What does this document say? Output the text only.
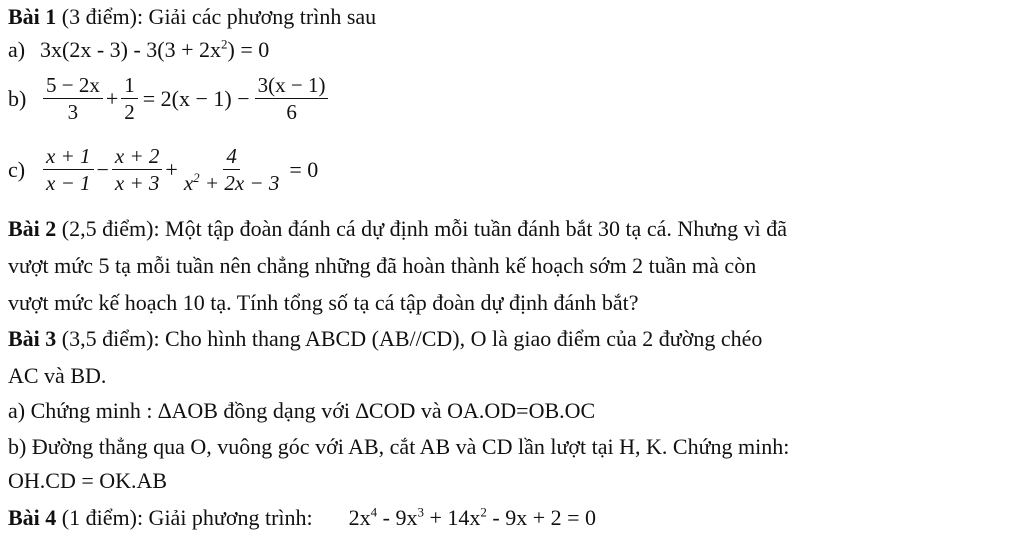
Bài 1 (3 điểm): Giải các phương trình sau
a) $3x(2x - 3) - 3(3 + 2x^2) = 0$
$b) \frac{5 - 2x}{3} + \frac{1}{2} = 2(x - 1) - \frac{3(x - 1)}{6}$
$c) \frac{x + 1}{x - 1} - \frac{x + 2}{x + 3} + \frac{4}{x^2 + 2x - 3} = 0$
Bài 2 (2,5 điểm): Một tập đoàn đánh cá dự định mỗi tuần đánh bắt 30 tạ cá. Nhưng vì đã
vượt mức 5 tạ mỗi tuần nên chẳng những đã hoàn thành kế hoạch sớm 2 tuần mà còn
vượt mức kế hoạch 10 tạ. Tính tổng số tạ cá tập đoàn dự định đánh bắt?
Bài 3 (3,5 điểm): Cho hình thang ABCD (AB//CD), O là giao điểm của 2 đường chéo
AC và BD.
a) Chứng minh : ∆AOB đồng dạng với ∆COD và OA.OD=OB.OC
b) Đường thẳng qua O, vuông góc với AB, cắt AB và CD lần lượt tại H, K. Chứng minh:
OH.CD = OK.AB
Bài 4 (1 điểm): Giải phương trình: $2x^4 - 9x^3 + 14x^2 - 9x + 2 = 0$
